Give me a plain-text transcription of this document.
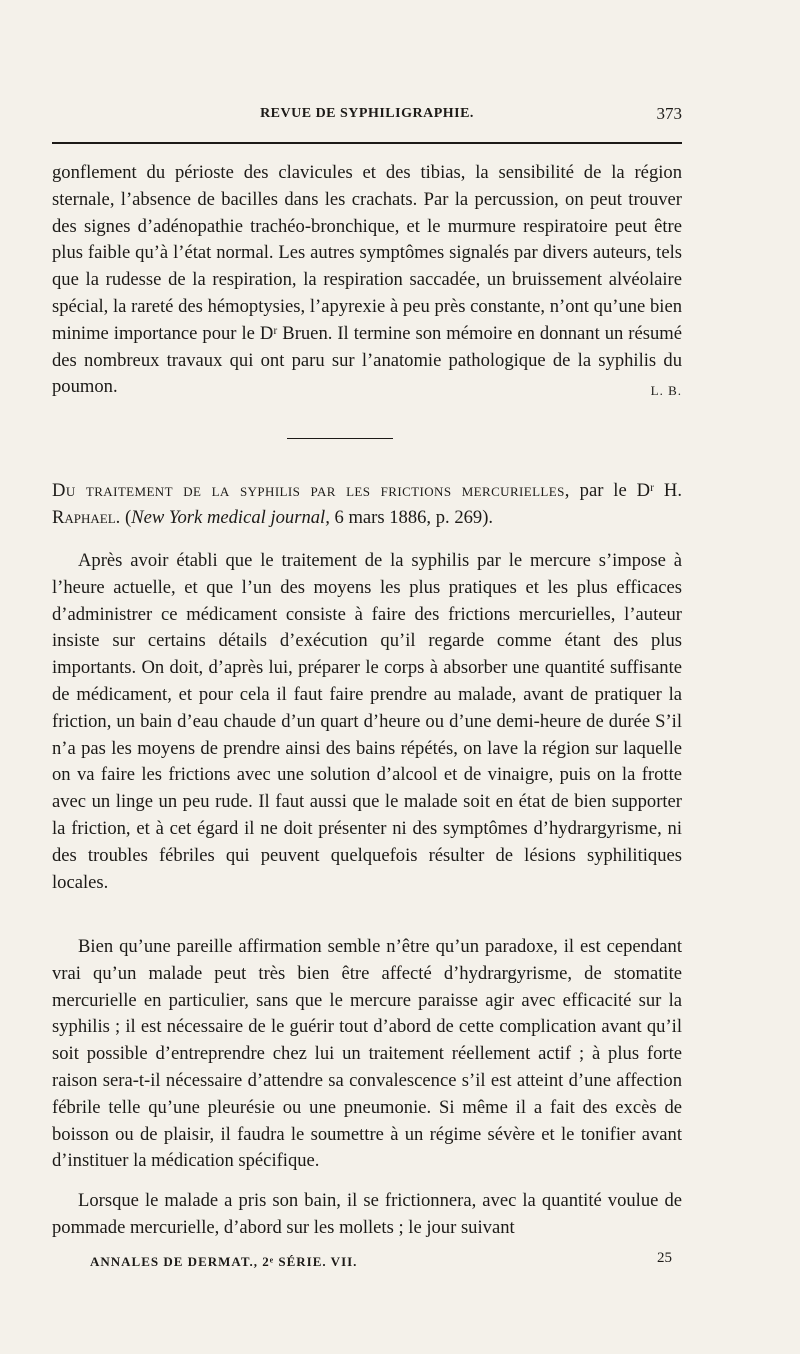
REVUE DE SYPHILIGRAPHIE.	373

gonflement du périoste des clavicules et des tibias, la sensibilité de la région sternale, l’absence de bacilles dans les crachats. Par la percussion, on peut trouver des signes d’adénopathie trachéo-bronchique, et le murmure respiratoire peut être plus faible qu’à l’état normal. Les autres symptômes signalés par divers auteurs, tels que la rudesse de la respiration, la respiration saccadée, un bruissement alvéolaire spécial, la rareté des hémoptysies, l’apyrexie à peu près constante, n’ont qu’une bien minime importance pour le Dʳ Bruen. Il termine son mémoire en donnant un résumé des nombreux travaux qui ont paru sur l’anatomie pathologique de la syphilis du poumon.	L. B.

Du traitement de la syphilis par les frictions mercurielles, par le Dʳ H. Raphael. (New York medical journal, 6 mars 1886, p. 269).

Après avoir établi que le traitement de la syphilis par le mercure s’impose à l’heure actuelle, et que l’un des moyens les plus pratiques et les plus efficaces d’administrer ce médicament consiste à faire des frictions mercurielles, l’auteur insiste sur certains détails d’exécution qu’il regarde comme étant des plus importants. On doit, d’après lui, préparer le corps à absorber une quantité suffisante de médicament, et pour cela il faut faire prendre au malade, avant de pratiquer la friction, un bain d’eau chaude d’un quart d’heure ou d’une demi-heure de durée S’il n’a pas les moyens de prendre ainsi des bains répétés, on lave la région sur laquelle on va faire les frictions avec une solution d’alcool et de vinaigre, puis on la frotte avec un linge un peu rude. Il faut aussi que le malade soit en état de bien supporter la friction, et à cet égard il ne doit présenter ni des symptômes d’hydrargyrisme, ni des troubles fébriles qui peuvent quelquefois résulter de lésions syphilitiques locales.

Bien qu’une pareille affirmation semble n’être qu’un paradoxe, il est cependant vrai qu’un malade peut très bien être affecté d’hydrargyrisme, de stomatite mercurielle en particulier, sans que le mercure paraisse agir avec efficacité sur la syphilis ; il est nécessaire de le guérir tout d’abord de cette complication avant qu’il soit possible d’entreprendre chez lui un traitement réellement actif ; à plus forte raison sera-t-il nécessaire d’attendre sa convalescence s’il est atteint d’une affection fébrile telle qu’une pleurésie ou une pneumonie. Si même il a fait des excès de boisson ou de plaisir, il faudra le soumettre à un régime sévère et le tonifier avant d’instituer la médication spécifique.

Lorsque le malade a pris son bain, il se frictionnera, avec la quantité voulue de pommade mercurielle, d’abord sur les mollets ; le jour suivant

ANNALES DE DERMAT., 2ᵉ SÉRIE. VII.	25
